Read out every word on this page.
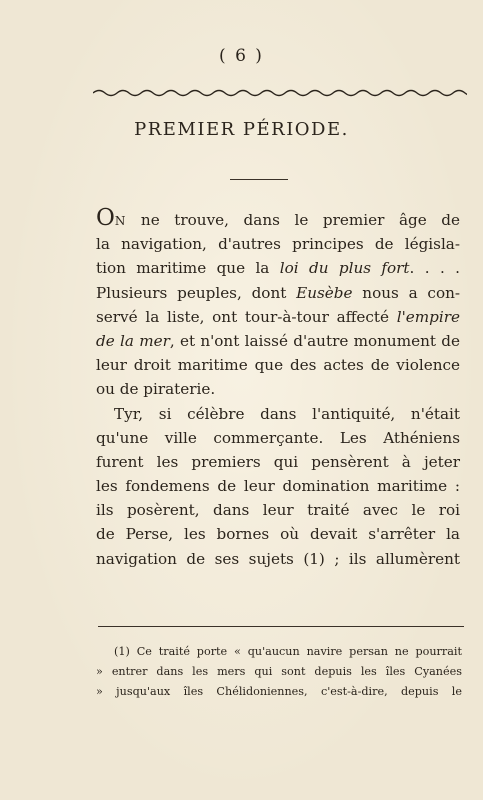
( 6 )
PREMIER PÉRIODE.
ON ne trouve, dans le premier âge de
la navigation, d'autres principes de législa-
tion maritime que la loi du plus fort. . . .
Plusieurs peuples, dont Eusèbe nous a con-
servé la liste, ont tour-à-tour affecté l'empire
de la mer, et n'ont laissé d'autre monument de
leur droit maritime que des actes de violence
ou de piraterie.
Tyr, si célèbre dans l'antiquité, n'était
qu'une ville commerçante. Les Athéniens
furent les premiers qui pensèrent à jeter
les fondemens de leur domination maritime :
ils posèrent, dans leur traité avec le roi
de Perse, les bornes où devait s'arrêter la
navigation de ses sujets (1) ; ils allumèrent
(1) Ce traité porte « qu'aucun navire persan ne pourrait
» entrer dans les mers qui sont depuis les îles Cyanées
» jusqu'aux îles Chélidoniennes, c'est-à-dire, depuis le
